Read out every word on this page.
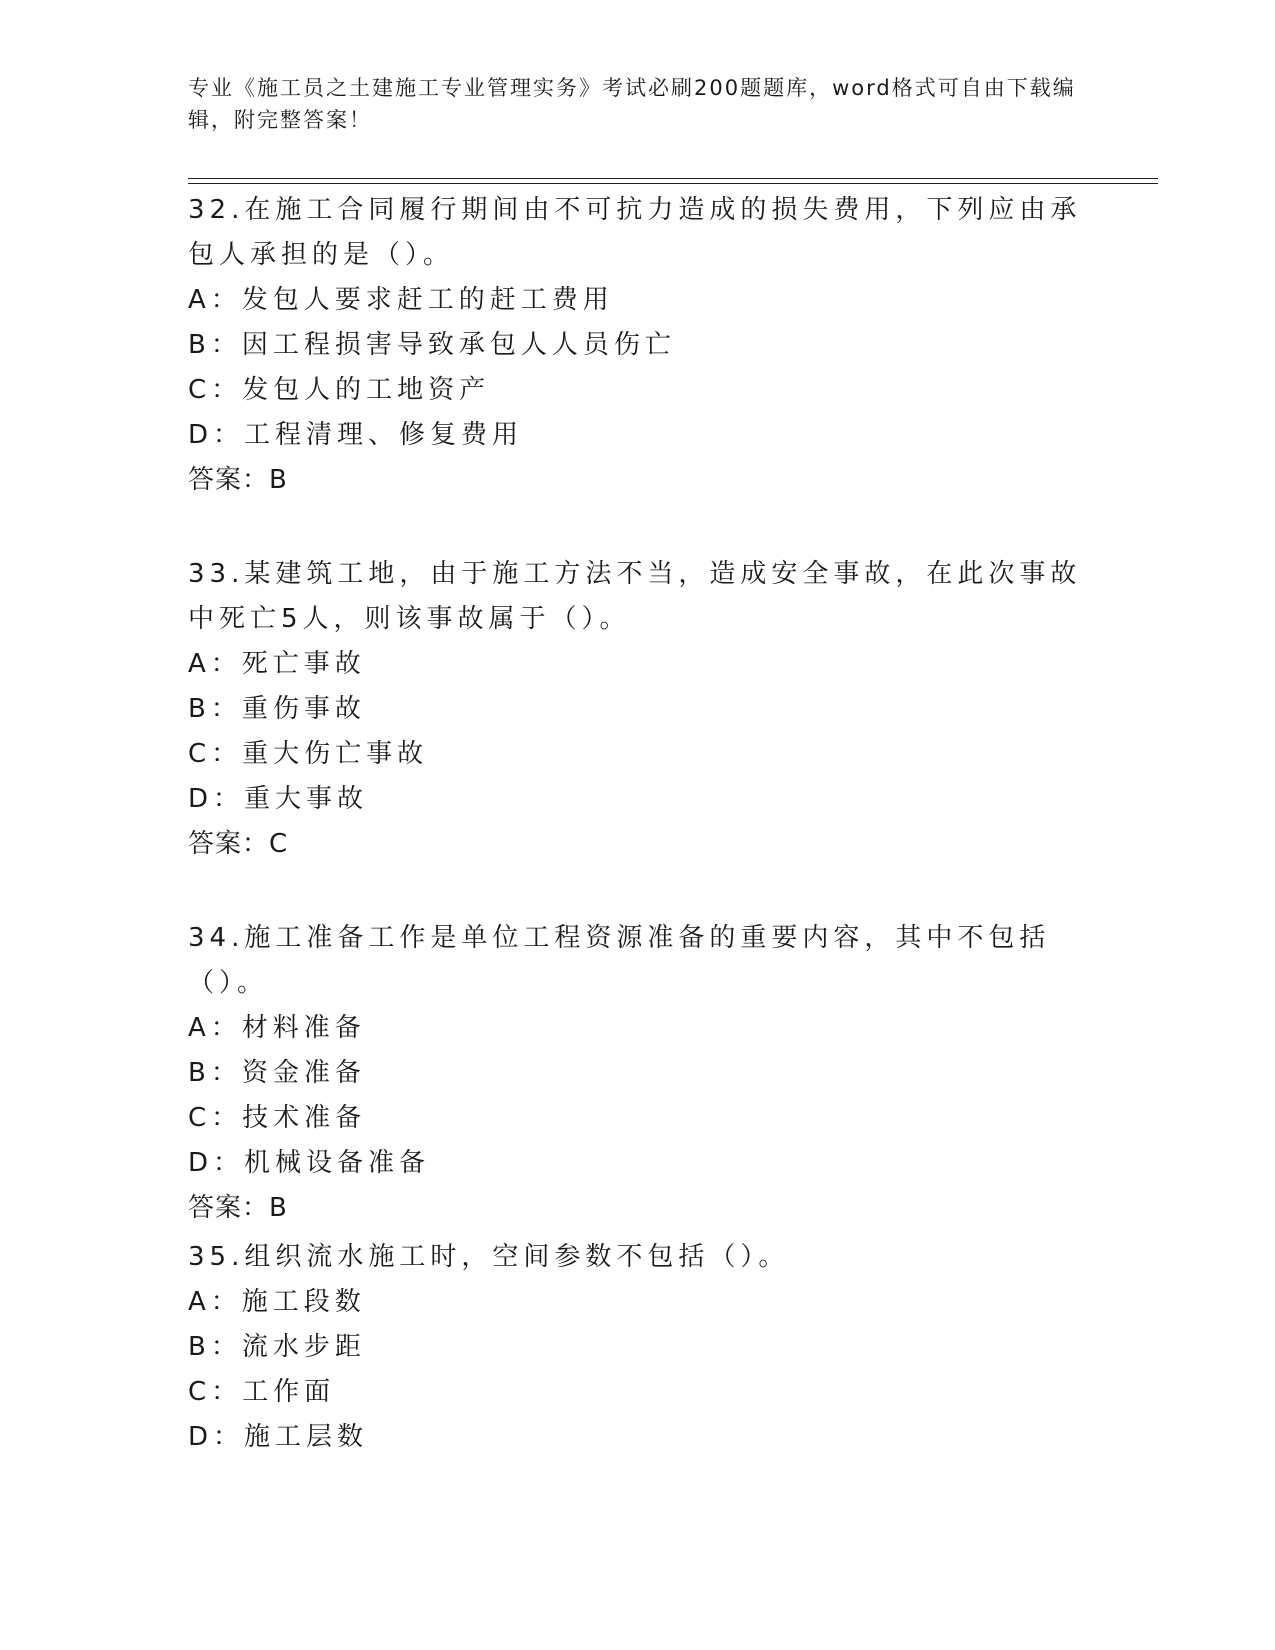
专业《施工员之土建施工专业管理实务》考试必刷200题题库，word格式可自由下载编辑，附完整答案！

32.在施工合同履行期间由不可抗力造成的损失费用，下列应由承包人承担的是（）。

A：发包人要求赶工的赶工费用

B：因工程损害导致承包人人员伤亡

C：发包人的工地资产

D：工程清理、修复费用

答案：B

33.某建筑工地，由于施工方法不当，造成安全事故，在此次事故中死亡5人，则该事故属于（）。

A：死亡事故

B：重伤事故

C：重大伤亡事故

D：重大事故

答案：C

34.施工准备工作是单位工程资源准备的重要内容，其中不包括（）。

A：材料准备

B：资金准备

C：技术准备

D：机械设备准备

答案：B

35.组织流水施工时，空间参数不包括（）。

A：施工段数

B：流水步距

C：工作面

D：施工层数
